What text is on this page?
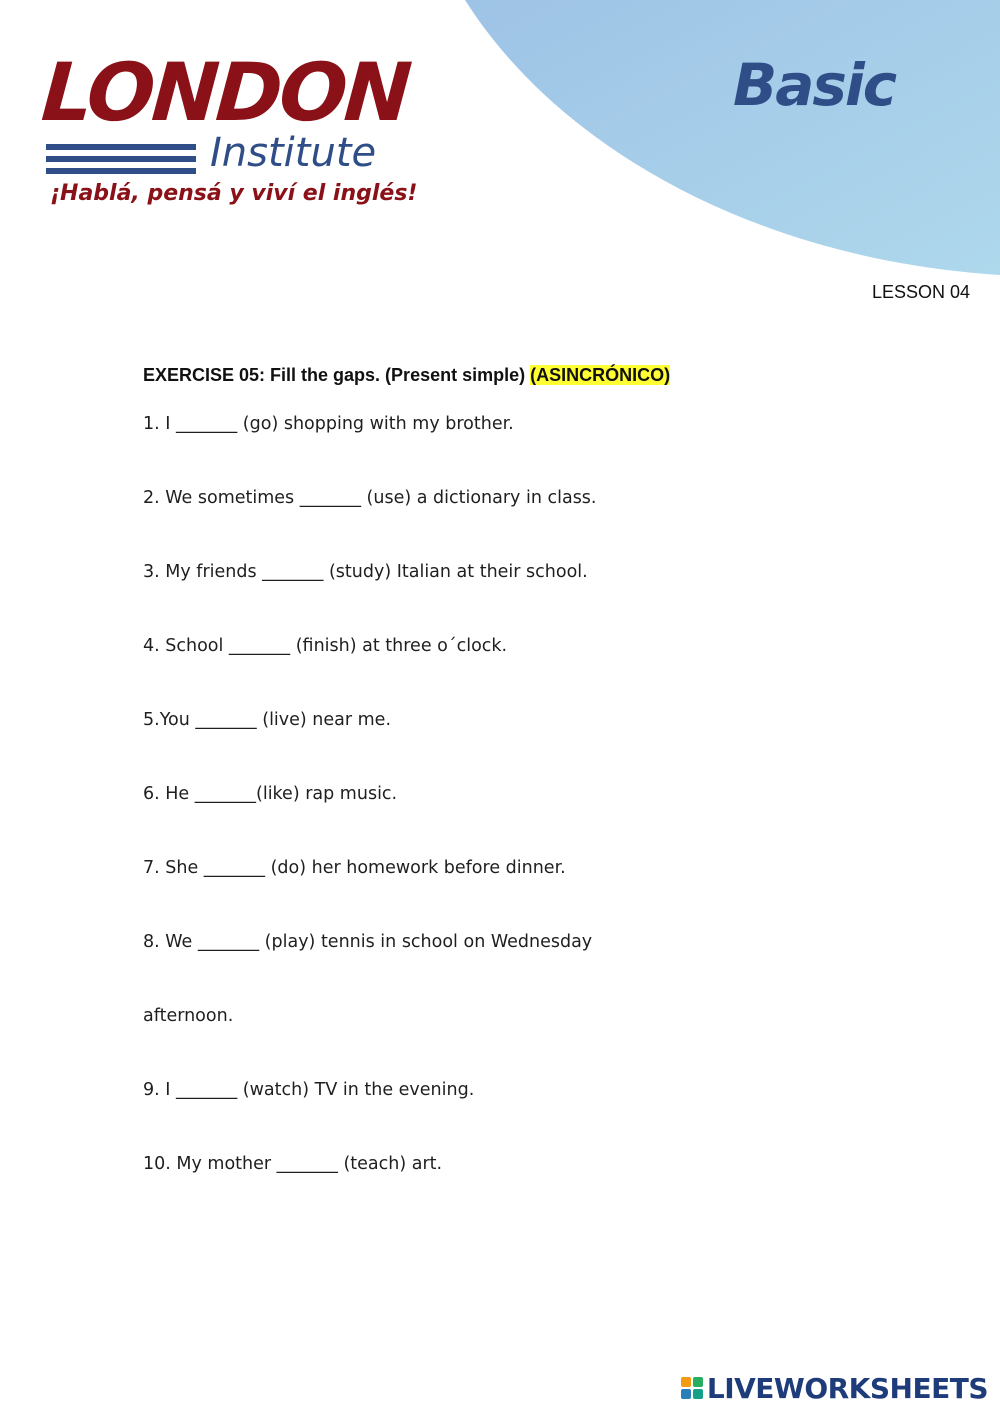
LONDON
Institute
¡Hablá, pensá y viví el inglés!
Basic
LESSON 04
EXERCISE 05: Fill the gaps. (Present simple) (ASINCRÓNICO)
1. I _______ (go) shopping with my brother.
2. We sometimes _______ (use) a dictionary in class.
3. My friends _______ (study) Italian at their school.
4. School _______ (finish) at three o´clock.
5.You _______ (live) near me.
6. He _______(like) rap music.
7. She _______ (do) her homework before dinner.
8. We _______ (play) tennis in school on Wednesday
afternoon.
9. I _______ (watch) TV in the evening.
10. My mother _______ (teach) art.
LIVEWORKSHEETS
